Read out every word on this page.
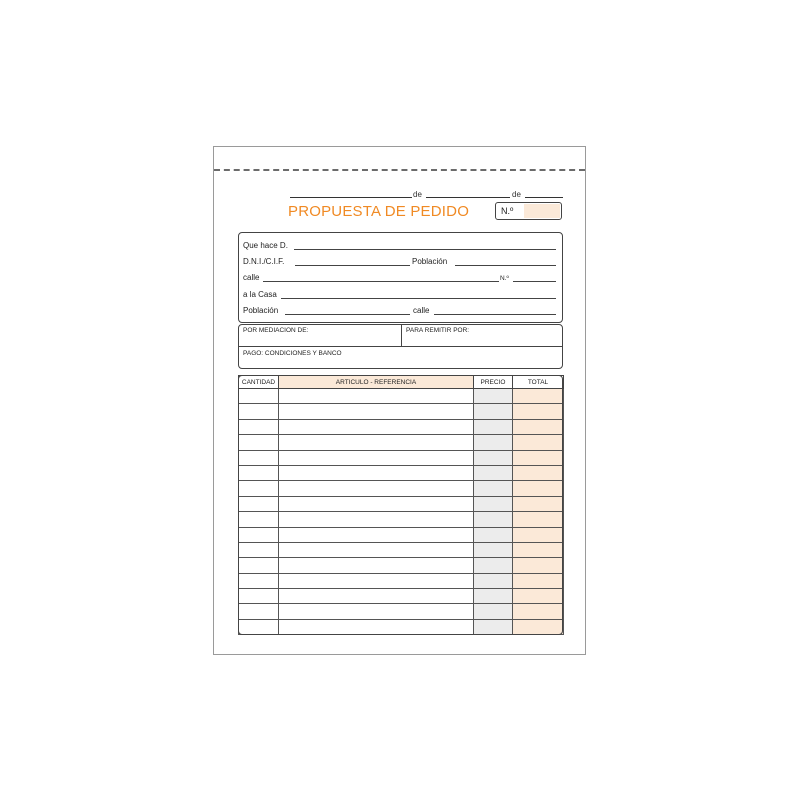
de	de
PROPUESTA DE PEDIDO	N.º
Que hace D.
D.N.I./C.I.F.	Población
calle	N.º
a la Casa
Población	calle
POR MEDIACION DE:	PARA REMITIR POR:
PAGO: CONDICIONES Y BANCO
CANTIDAD	ARTICULO - REFERENCIA	PRECIO	TOTAL
